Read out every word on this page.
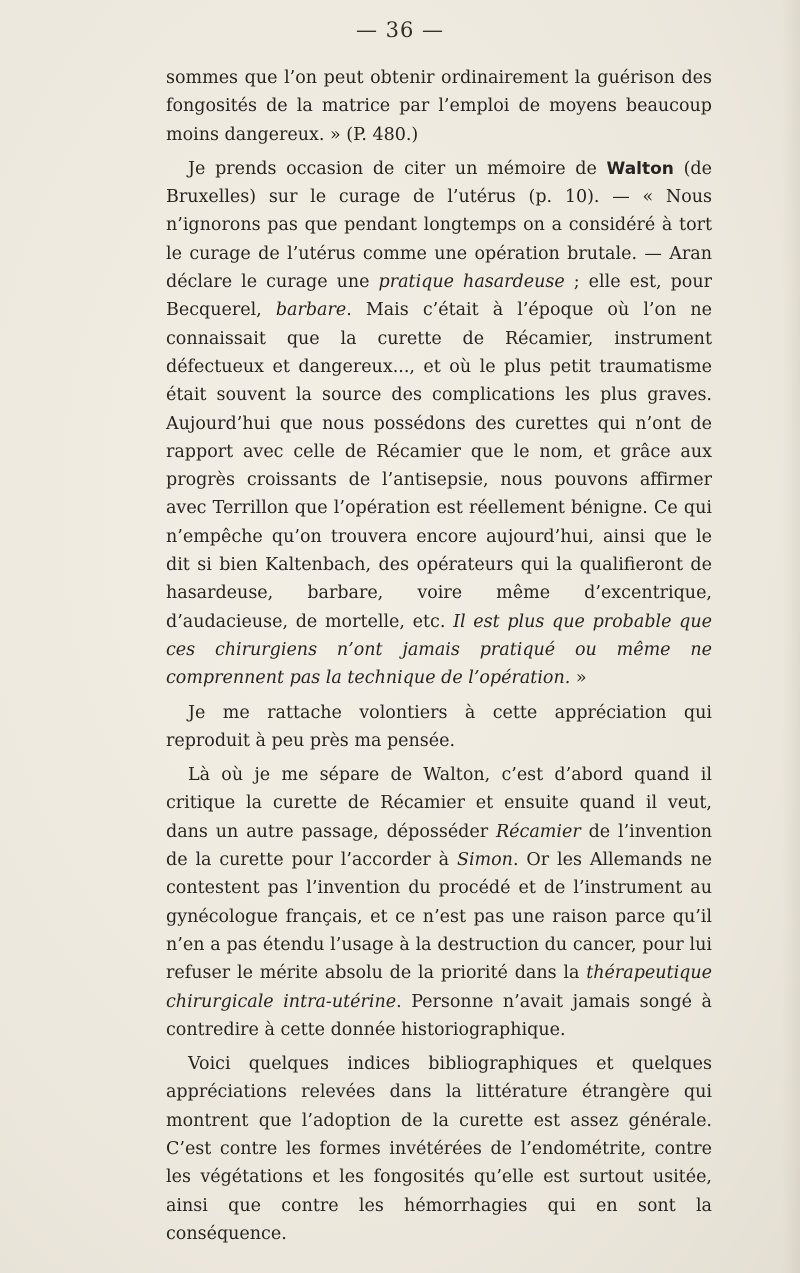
— 36 —

sommes que l’on peut obtenir ordinairement la guérison des fongosités de la matrice par l’emploi de moyens beaucoup moins dangereux. » (P. 480.)

Je prends occasion de citer un mémoire de Walton (de Bruxelles) sur le curage de l’utérus (p. 10). — « Nous n’ignorons pas que pendant longtemps on a considéré à tort le curage de l’utérus comme une opération brutale. — Aran déclare le curage une pratique hasardeuse ; elle est, pour Becquerel, barbare. Mais c’était à l’époque où l’on ne connaissait que la curette de Récamier, instrument défectueux et dangereux..., et où le plus petit traumatisme était souvent la source des complications les plus graves. Aujourd’hui que nous possédons des curettes qui n’ont de rapport avec celle de Récamier que le nom, et grâce aux progrès croissants de l’antisepsie, nous pouvons affirmer avec Terrillon que l’opération est réellement bénigne. Ce qui n’empêche qu’on trouvera encore aujourd’hui, ainsi que le dit si bien Kaltenbach, des opérateurs qui la qualifieront de hasardeuse, barbare, voire même d’excentrique, d’audacieuse, de mortelle, etc. Il est plus que probable que ces chirurgiens n’ont jamais pratiqué ou même ne comprennent pas la technique de l’opération. »

Je me rattache volontiers à cette appréciation qui reproduit à peu près ma pensée.

Là où je me sépare de Walton, c’est d’abord quand il critique la curette de Récamier et ensuite quand il veut, dans un autre passage, déposséder Récamier de l’invention de la curette pour l’accorder à Simon. Or les Allemands ne contestent pas l’invention du procédé et de l’instrument au gynécologue français, et ce n’est pas une raison parce qu’il n’en a pas étendu l’usage à la destruction du cancer, pour lui refuser le mérite absolu de la priorité dans la thérapeutique chirurgicale intra-utérine. Personne n’avait jamais songé à contredire à cette donnée historiographique.

Voici quelques indices bibliographiques et quelques appréciations relevées dans la littérature étrangère qui montrent que l’adoption de la curette est assez générale. C’est contre les formes invétérées de l’endométrite, contre les végétations et les fongosités qu’elle est surtout usitée, ainsi que contre les hémorrhagies qui en sont la conséquence.
